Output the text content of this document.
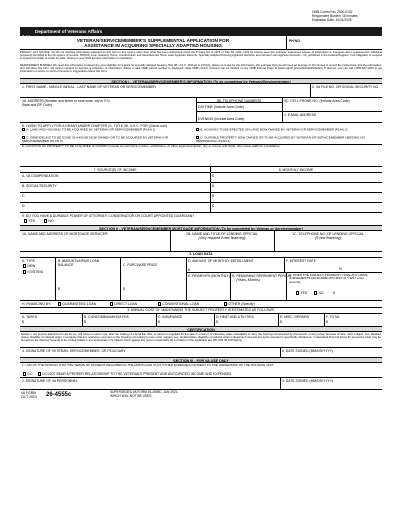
OMB Control No. 2900-0132
Respondent Burden: 15 minutes
Expiration Date: 10/31/2026
VA
Department of Veterans Affairs
VETERAN/SERVICEMEMBER'S SUPPLEMENTAL APPLICATION FOR
ASSISTANCE IN ACQUIRING SPECIALLY ADAPTED HOUSING
PH NO.
PRIVACY ACT NOTICE: VA will not disclose information collected on this form to any source other than what has been authorized under the Privacy Act of 1974 or Title 38, CFR 1.576 for routine uses (for example: authorized release of information to Congress when requested for statistical purposes) identified in the VA system of records, 55VA26, Loan Guaranty Home, Condominium and Manufactured Home Loan Applicant Records, Specially Adapted Housing Applicant Records, and Vendee Loan Applicant Records - VA, published in the Federal Register. Your obligation to respond is required to obtain or retain benefits. Giving us your SSN account information is mandatory.
RESPONDENT BURDEN: We need this information to determine your eligibility for a grant for specially adapted housing. Title 38, U.S.C. 2101(a) or 2101(b), allows us to ask for the information. We estimate that you will need an average of 15 minutes to review the instructions, find the information, and complete this form. VA cannot conduct or sponsor a collection of information unless a valid OMB control number is displayed. Valid OMB control numbers can be located on the OMB Internet Page at www.reginfo.gov/public/do/PRAMain. If desired, you can call 1-800-827-1000 to get information on where to send comments or suggestions about this form.
SECTION I - VETERAN/SERVICEMEMBER'S INFORMATION (To be completed by Veteran/Servicemember)
1. FIRST NAME - MIDDLE INITIAL - LAST NAME OF VETERAN OR SERVICEMEMBER	2. VA FILE NO. OR SOCIAL SECURITY NO.
3A. ADDRESS (Number and street or rural route, city or P.O., State and ZIP Code)
3B. TELEPHONE NUMBERS
DAYTIME (Include Area Code)
EVENING (Include Area Code)
3C. CELL PHONE NO. (Include Area Code)
4. E-MAIL ADDRESS
5. I WISH TO APPLY FOR A GRANT UNDER CHAPTER 21, TITLE 38, U.S.C. FOR (Check one)
A. LAND AND HOUSING TO BE ACQUIRED BY VETERAN OR SERVICEMEMBER (PLAN 1)	B. HOUSING TO BE ERECTED ON LAND NOW OWNED BY VETERAN OR SERVICEMEMBER (PLAN 2)
C. REMODELING TO BE DONE ON HOUSE NOW OWNED OR TO BE ACQUIRED BY VETERAN OR SERVICEMEMBER (PLAN 3)
D. SUITABLE PROPERTY NOW OWNED OR TO BE ACQUIRED BY VETERAN OR SERVICEMEMBER NEEDING NO REMODELING (PLAN 4)
6. LOCATION OF PROPERTY TO BE ACQUIRED IF KNOWN (Include lot and block number, subdivision, or other legal description; city or county and State; also street address if available)
7. SOURCE(S) OF INCOME	8. MONTHLY INCOME
A. VA COMPENSATION	$
B. SOCIAL SECURITY	$
C.	$
D.	$
9. DO YOU HAVE A DURABLE POWER OF ATTORNEY, CONSERVATOR OR COURT APPOINTED GUARDIAN?
YES	NO
SECTION II - VETERAN/SERVICEMEMBER MORTGAGE INFORMATION (To be completed by Veteran or Servicemember)
1A. NAME AND ADDRESS OF MORTGAGE SERVICER	1B. NAME AND TITLE OF LENDING OFFICIAL
(Only required if new financing)
1C. TELEPHONE NO. OF LENDING OFFICIAL
(If new financing)
2. LOAN DATA
A. TYPE
NEW
EXISTING
B. AMOUNT/UNPAID LOAN BALANCE
$
C. PURCHASE PRICE
$
D. AMOUNT OF MONTHLY INSTALLMENT
$
F. INTEREST RATE
%
E. PAYMENTS (MONTHLY) R. REMAINING REPAYMENT PERIOD
(Years, Months)
G. DOES THE SUBJECT PROPERTY HAVE ANY LIENS, JUDGEMENTS OR BANKRUPTCIES? (If "YES," enter amount)
YES	NO	$
H. FINANCING BY:	GUARANTEED LOAN	DIRECT LOAN	CONVENTIONAL LOAN	OTHER (Specify)
3. ANNUAL COST OF MAINTAINING THE SUBJECT PROPERTY IS ESTIMATED AS FOLLOWS:
A. TAXES
$
B. CONDOMINIUM/HOA FEE
$
C. INSURANCE
$
D. HEAT AND UTILITIES
$
E. MISC. REPAIRS
$
F. TOTAL
$
CERTIFICATION
Neither I, nor anyone authorized to act for me, will refuse to sell or rent, after the making of a bona fide offer, or refuse to negotiate for the sale or rental of, or otherwise make unavailable or deny the housing unit acquired by this benefit, to any person because of race, color, religion, sex, disabled status, disability or national origin. I recognize that any restrictive covenant on the housing unit relating to race, color, religion, sex, familial status, disability or national origin is illegal and void and any such covenant is specifically disclaimed. I understand that civil action for preventive relief may be brought by the Attorney General of the United States in any appropriate U.S. District Court against any person responsible for a violation of the applicable law (38 CFR 36.4307(a)(1)).
4. SIGNATURE OF VETERAN, SERVICEMEMBER, OR FIDUCIARY	5. DATE SIGNED (MM/DD/YYYY)
SECTION III - FOR VA USE ONLY
1. I AM OF THE OPINION THAT THE TERMS OF PAYMENT REQUIRED IN THE MORTGAGE PLUS OTHER EXPENSES INCIDENT TO THE OWNERSHIP OF THE HOUSING UNIT:
DO	DO NOT BEAR A PROPER RELATIONSHIP TO THE VETERAN'S PRESENT AND ANTICIPATED INCOME AND EXPENSES
2. SIGNATURE OF VA PERSONNEL	3. DATE SIGNED (MM/DD/YYYY)
VA FORM
OCT 2023 26-4555c	SUPERSEDES VA FORM 26-4555C, JAN 2021, WHICH WILL NOT BE USED.
